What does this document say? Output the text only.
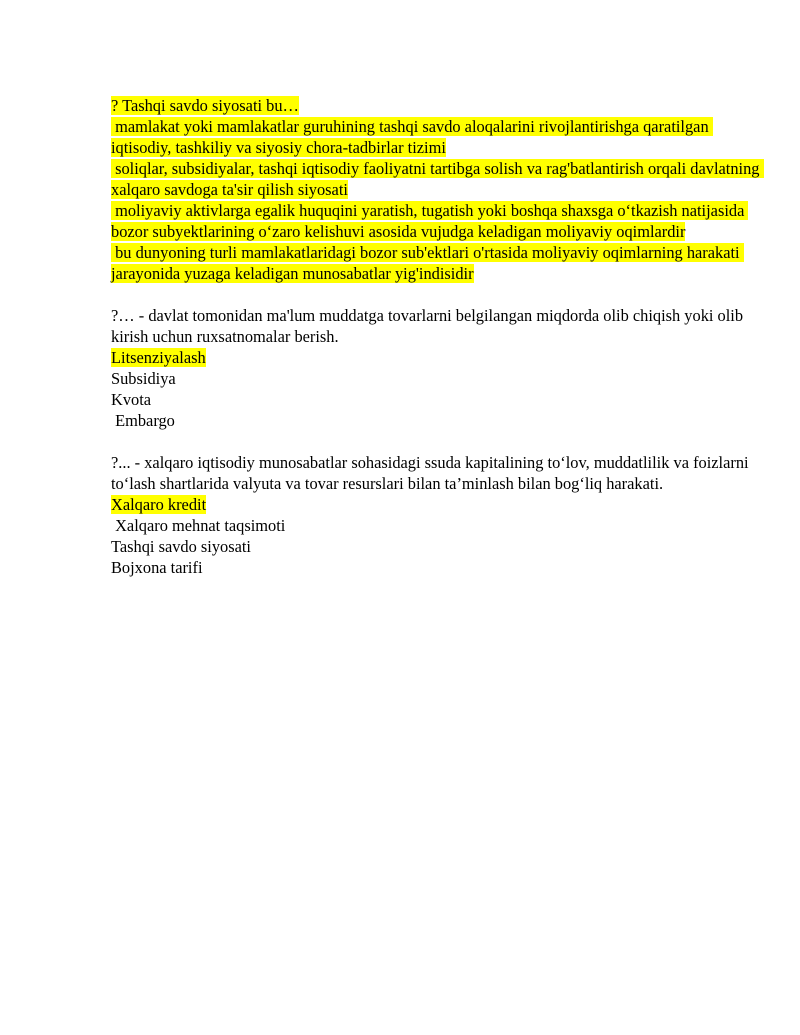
? Tashqi savdo siyosati bu…

mamlakat yoki mamlakatlar guruhining tashqi savdo aloqalarini rivojlantirishga qaratilgan iqtisodiy, tashkiliy va siyosiy chora-tadbirlar tizimi

soliqlar, subsidiyalar, tashqi iqtisodiy faoliyatni tartibga solish va rag'batlantirish orqali davlatning xalqaro savdoga ta'sir qilish siyosati

moliyaviy aktivlarga egalik huquqini yaratish, tugatish yoki boshqa shaxsga o‘tkazish natijasida bozor subyektlarining o‘zaro kelishuvi asosida vujudga keladigan moliyaviy oqimlardir

bu dunyoning turli mamlakatlaridagi bozor sub'ektlari o'rtasida moliyaviy oqimlarning harakati jarayonida yuzaga keladigan munosabatlar yig'indisidir

?… - davlat tomonidan ma'lum muddatga tovarlarni belgilangan miqdorda olib chiqish yoki olib kirish uchun ruxsatnomalar berish.

Litsenziyalash

Subsidiya

Kvota

Embargo

?... - xalqaro iqtisodiy munosabatlar sohasidagi ssuda kapitalining to‘lov, muddatlilik va foizlarni to‘lash shartlarida valyuta va tovar resurslari bilan ta’minlash bilan bog‘liq harakati.

Xalqaro kredit

Xalqaro mehnat taqsimoti

Tashqi savdo siyosati

Bojxona tarifi
